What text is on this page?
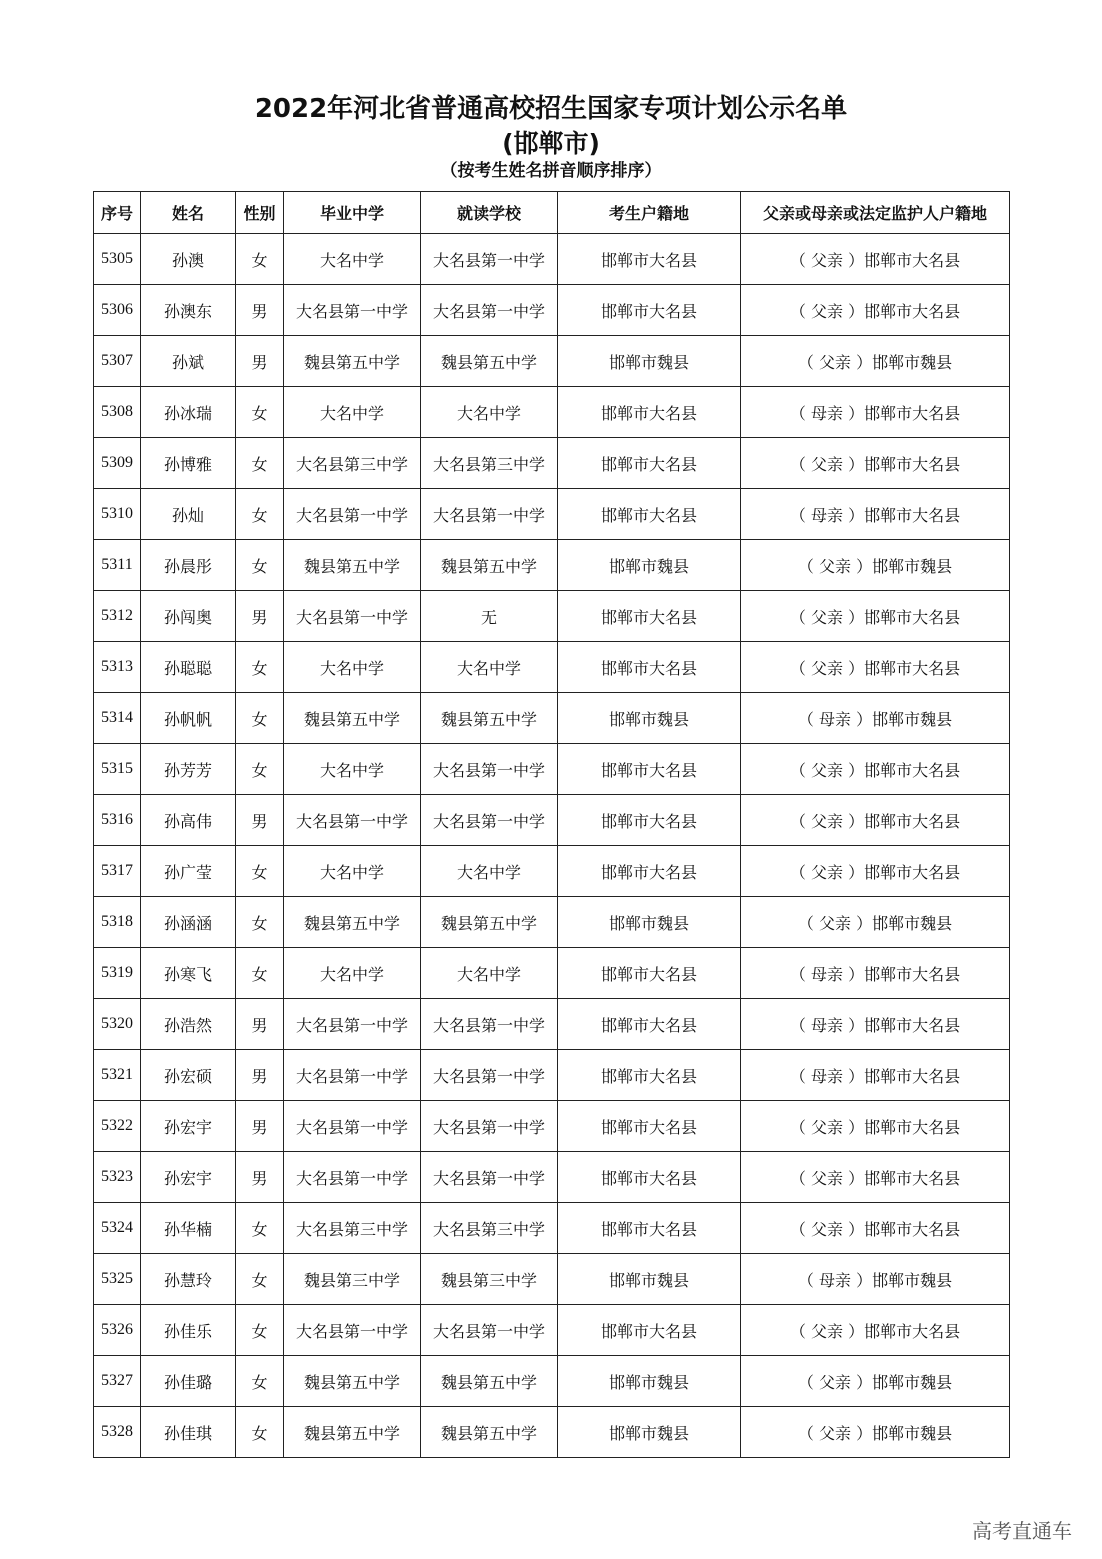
2022年河北省普通高校招生国家专项计划公示名单
(邯郸市)
（按考生姓名拼音顺序排序）
序号	姓名	性别	毕业中学	就读学校	考生户籍地	父亲或母亲或法定监护人户籍地
5305	孙澳	女	大名中学	大名县第一中学	邯郸市大名县	（ 父亲 ）邯郸市大名县
5306	孙澳东	男	大名县第一中学	大名县第一中学	邯郸市大名县	（ 父亲 ）邯郸市大名县
5307	孙斌	男	魏县第五中学	魏县第五中学	邯郸市魏县	（ 父亲 ）邯郸市魏县
5308	孙冰瑞	女	大名中学	大名中学	邯郸市大名县	（ 母亲 ）邯郸市大名县
5309	孙博雅	女	大名县第三中学	大名县第三中学	邯郸市大名县	（ 父亲 ）邯郸市大名县
5310	孙灿	女	大名县第一中学	大名县第一中学	邯郸市大名县	（ 母亲 ）邯郸市大名县
5311	孙晨彤	女	魏县第五中学	魏县第五中学	邯郸市魏县	（ 父亲 ）邯郸市魏县
5312	孙闯奥	男	大名县第一中学	无	邯郸市大名县	（ 父亲 ）邯郸市大名县
5313	孙聪聪	女	大名中学	大名中学	邯郸市大名县	（ 父亲 ）邯郸市大名县
5314	孙帆帆	女	魏县第五中学	魏县第五中学	邯郸市魏县	（ 母亲 ）邯郸市魏县
5315	孙芳芳	女	大名中学	大名县第一中学	邯郸市大名县	（ 父亲 ）邯郸市大名县
5316	孙高伟	男	大名县第一中学	大名县第一中学	邯郸市大名县	（ 父亲 ）邯郸市大名县
5317	孙广莹	女	大名中学	大名中学	邯郸市大名县	（ 父亲 ）邯郸市大名县
5318	孙涵涵	女	魏县第五中学	魏县第五中学	邯郸市魏县	（ 父亲 ）邯郸市魏县
5319	孙寒飞	女	大名中学	大名中学	邯郸市大名县	（ 母亲 ）邯郸市大名县
5320	孙浩然	男	大名县第一中学	大名县第一中学	邯郸市大名县	（ 母亲 ）邯郸市大名县
5321	孙宏硕	男	大名县第一中学	大名县第一中学	邯郸市大名县	（ 母亲 ）邯郸市大名县
5322	孙宏宇	男	大名县第一中学	大名县第一中学	邯郸市大名县	（ 父亲 ）邯郸市大名县
5323	孙宏宇	男	大名县第一中学	大名县第一中学	邯郸市大名县	（ 父亲 ）邯郸市大名县
5324	孙华楠	女	大名县第三中学	大名县第三中学	邯郸市大名县	（ 父亲 ）邯郸市大名县
5325	孙慧玲	女	魏县第三中学	魏县第三中学	邯郸市魏县	（ 母亲 ）邯郸市魏县
5326	孙佳乐	女	大名县第一中学	大名县第一中学	邯郸市大名县	（ 父亲 ）邯郸市大名县
5327	孙佳璐	女	魏县第五中学	魏县第五中学	邯郸市魏县	（ 父亲 ）邯郸市魏县
5328	孙佳琪	女	魏县第五中学	魏县第五中学	邯郸市魏县	（ 父亲 ）邯郸市魏县
高考直通车
